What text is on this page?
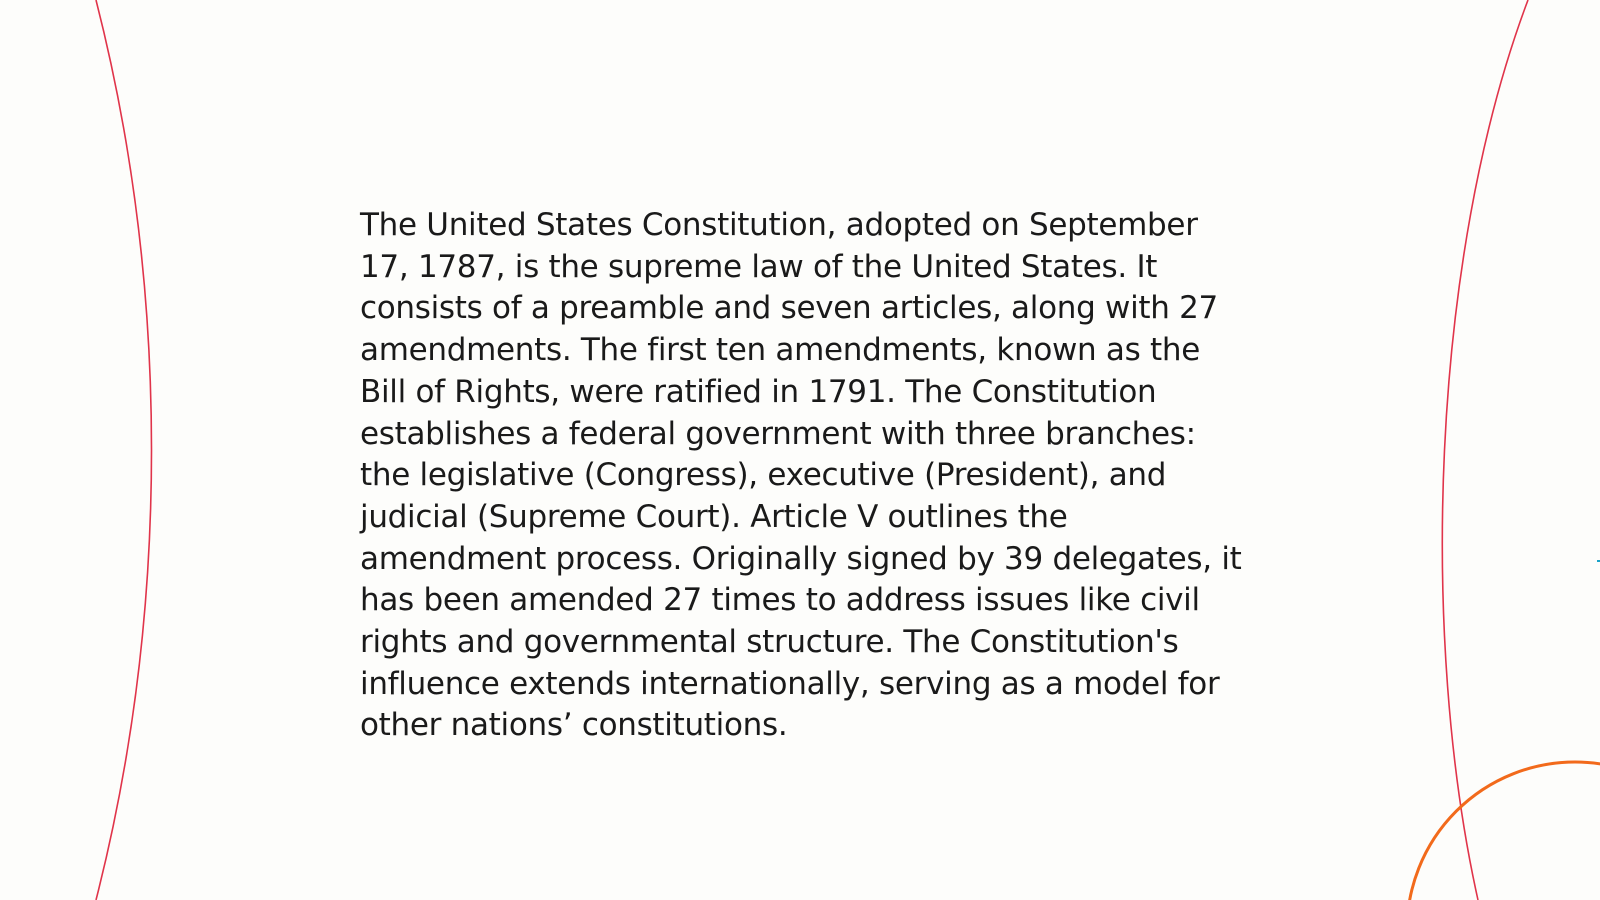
The United States Constitution, adopted on September 17, 1787, is the supreme law of the United States. It consists of a preamble and seven articles, along with 27 amendments. The first ten amendments, known as the Bill of Rights, were ratified in 1791. The Constitution establishes a federal government with three branches: the legislative (Congress), executive (President), and judicial (Supreme Court). Article V outlines the amendment process. Originally signed by 39 delegates, it has been amended 27 times to address issues like civil rights and governmental structure. The Constitution's influence extends internationally, serving as a model for other nations’ constitutions.
